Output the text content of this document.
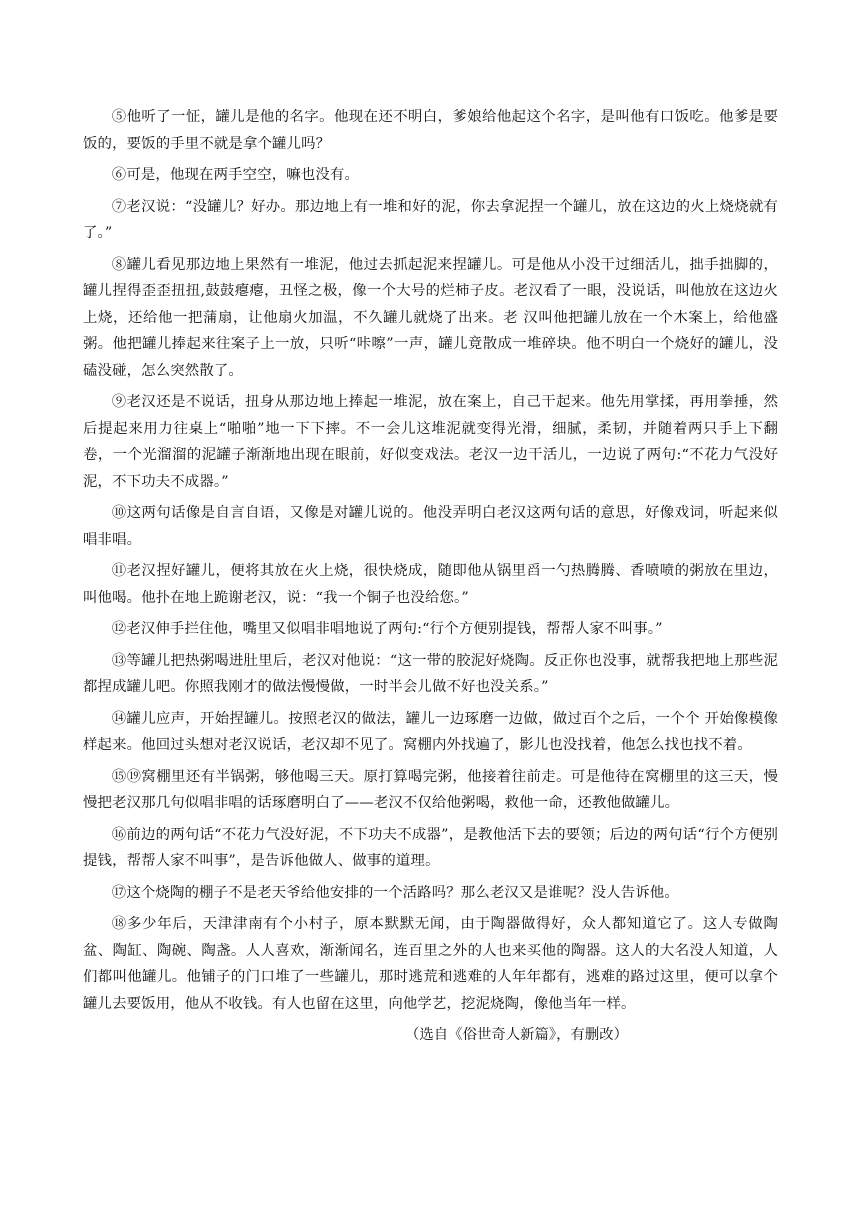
⑤他听了一怔，罐儿是他的名字。他现在还不明白，爹娘给他起这个名字，是叫他有口饭吃。他爹是要饭的，要饭的手里不就是拿个罐儿吗？

⑥可是，他现在两手空空，嘛也没有。

⑦老汉说：“没罐儿？好办。那边地上有一堆和好的泥，你去拿泥捏一个罐儿，放在这边的火上烧烧就有了。”

⑧罐儿看见那边地上果然有一堆泥，他过去抓起泥来捏罐儿。可是他从小没干过细活儿，拙手拙脚的，罐儿捏得歪歪扭扭,鼓鼓瘪瘪，丑怪之极，像一个大号的烂柿子皮。老汉看了一眼，没说话，叫他放在这边火上烧，还给他一把蒲扇，让他扇火加温，不久罐儿就烧了出来。老 汉叫他把罐儿放在一个木案上，给他盛粥。他把罐儿捧起来往案子上一放，只听“咔嚓”一声，罐儿竟散成一堆碎块。他不明白一个烧好的罐儿，没磕没碰，怎么突然散了。

⑨老汉还是不说话，扭身从那边地上捧起一堆泥，放在案上，自己干起来。他先用掌揉，再用拳捶，然后提起来用力往桌上“啪啪”地一下下摔。不一会儿这堆泥就变得光滑，细腻，柔韧，并随着两只手上下翻卷，一个光溜溜的泥罐子渐渐地出现在眼前，好似变戏法。老汉一边干活儿，一边说了两句:“不花力气没好泥，不下功夫不成器。”

⑩这两句话像是自言自语，又像是对罐儿说的。他没弄明白老汉这两句话的意思，好像戏词，听起来似唱非唱。

⑪老汉捏好罐儿，便将其放在火上烧，很快烧成，随即他从锅里舀一勺热腾腾、香喷喷的粥放在里边，叫他喝。他扑在地上跪谢老汉，说：“我一个铜子也没给您。”

⑫老汉伸手拦住他，嘴里又似唱非唱地说了两句:“行个方便别提钱，帮帮人家不叫事。”

⑬等罐儿把热粥喝进肚里后，老汉对他说：“这一带的胶泥好烧陶。反正你也没事，就帮我把地上那些泥都捏成罐儿吧。你照我刚才的做法慢慢做，一时半会儿做不好也没关系。”

⑭罐儿应声，开始捏罐儿。按照老汉的做法，罐儿一边琢磨一边做，做过百个之后，一个个 开始像模像样起来。他回过头想对老汉说话，老汉却不见了。窝棚内外找遍了，影儿也没找着，他怎么找也找不着。

⑮⑲窝棚里还有半锅粥，够他喝三天。原打算喝完粥，他接着往前走。可是他待在窝棚里的这三天，慢慢把老汉那几句似唱非唱的话琢磨明白了——老汉不仅给他粥喝，救他一命，还教他做罐儿。

⑯前边的两句话“不花力气没好泥，不下功夫不成器”，是教他活下去的要领；后边的两句话“行个方便别提钱，帮帮人家不叫事”，是告诉他做人、做事的道理。

⑰这个烧陶的棚子不是老天爷给他安排的一个活路吗？那么老汉又是谁呢？没人告诉他。

⑱多少年后，天津津南有个小村子，原本默默无闻，由于陶器做得好，众人都知道它了。这人专做陶盆、陶缸、陶碗、陶盏。人人喜欢，渐渐闻名，连百里之外的人也来买他的陶器。这人的大名没人知道，人们都叫他罐儿。他铺子的门口堆了一些罐儿，那时逃荒和逃难的人年年都有，逃难的路过这里，便可以拿个罐儿去要饭用，他从不收钱。有人也留在这里，向他学艺，挖泥烧陶，像他当年一样。

（选自《俗世奇人新篇》，有删改）
